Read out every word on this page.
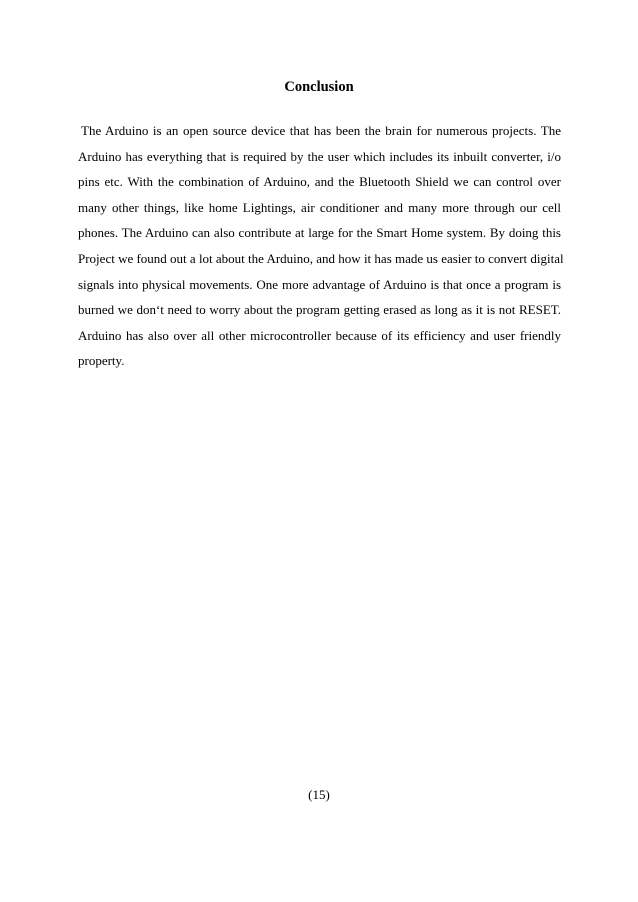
Conclusion

The Arduino is an open source device that has been the brain for numerous projects. The
Arduino has everything that is required by the user which includes its inbuilt converter, i/o
pins etc. With the combination of Arduino, and the Bluetooth Shield we can control over
many other things, like home Lightings, air conditioner and many more through our cell
phones. The Arduino can also contribute at large for the Smart Home system. By doing this
Project we found out a lot about the Arduino, and how it has made us easier to convert digital
signals into physical movements. One more advantage of Arduino is that once a program is
burned we don‘t need to worry about the program getting erased as long as it is not RESET.
Arduino has also over all other microcontroller because of its efficiency and user friendly
property.

(15)
